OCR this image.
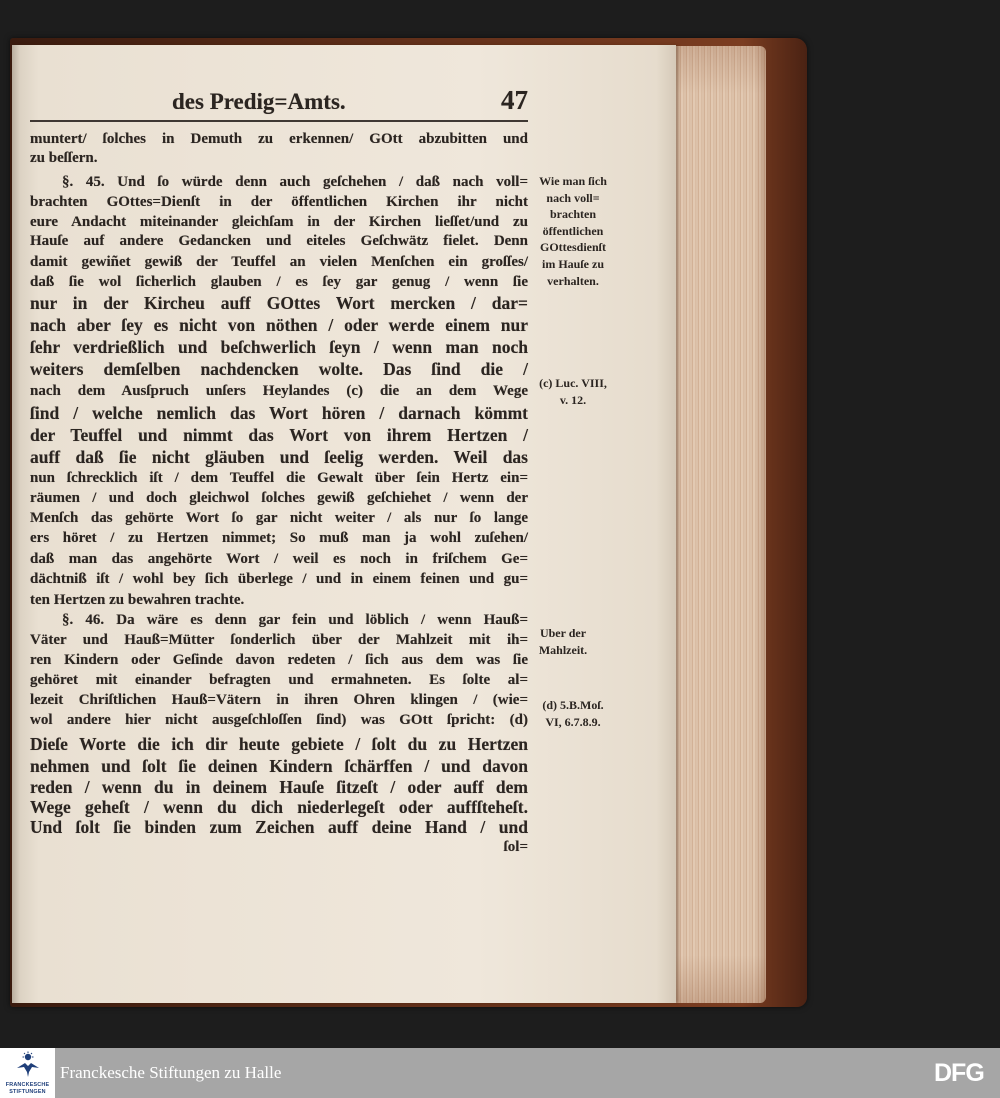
des Predig=Amts.	47
muntert/ ſolches in Demuth zu erkennen/ GOtt abzubitten und
zu beſſern.
§. 45. Und ſo würde denn auch geſchehen / daß nach voll=
brachten GOttes=Dienſt in der öffentlichen Kirchen ihr nicht
eure Andacht miteinander gleichſam in der Kirchen lieſſet/und zu
Hauſe auf andere Gedancken und eiteles Geſchwätz fielet. Denn
damit gewiñet gewiß der Teuffel an vielen Menſchen ein groſſes/
daß ſie wol ſicherlich glauben / es ſey gar genug / wenn ſie
nur in der Kircheu auff GOttes Wort mercken / dar=
nach aber ſey es nicht von nöthen / oder werde einem nur
ſehr verdrießlich und beſchwerlich ſeyn / wenn man noch
weiters demſelben nachdencken wolte. Das ſind die /
nach dem Ausſpruch unſers Heylandes (c) die an dem Wege
ſind / welche nemlich das Wort hören / darnach kömmt
der Teuffel und nimmt das Wort von ihrem Hertzen /
auff daß ſie nicht gläuben und ſeelig werden. Weil das
nun ſchrecklich iſt / dem Teuffel die Gewalt über ſein Hertz ein=
räumen / und doch gleichwol ſolches gewiß geſchiehet / wenn der
Menſch das gehörte Wort ſo gar nicht weiter / als nur ſo lange
ers höret / zu Hertzen nimmet; So muß man ja wohl zuſehen/
daß man das angehörte Wort / weil es noch in friſchem Ge=
dächtniß iſt / wohl bey ſich überlege / und in einem feinen und gu=
ten Hertzen zu bewahren trachte.
§. 46. Da wäre es denn gar fein und löblich / wenn Hauß=
Väter und Hauß=Mütter ſonderlich über der Mahlzeit mit ih=
ren Kindern oder Geſinde davon redeten / ſich aus dem was ſie
gehöret mit einander befragten und ermahneten. Es ſolte al=
lezeit Chriſtlichen Hauß=Vätern in ihren Ohren klingen / (wie=
wol andere hier nicht ausgeſchloſſen ſind) was GOtt ſpricht: (d)
Dieſe Worte die ich dir heute gebiete / ſolt du zu Hertzen
nehmen und ſolt ſie deinen Kindern ſchärffen / und davon
reden / wenn du in deinem Hauſe ſitzeſt / oder auff dem
Wege geheſt / wenn du dich niederlegeſt oder auffſteheſt.
Und ſolt ſie binden zum Zeichen auff deine Hand / und
ſol=
Wie man ſich
nach voll=
brachten
öffentlichen
GOttesdienſt
im Hauſe zu
verhalten.
(c) Luc. VIII,
v. 12.
Uber der
Mahlzeit.
(d) 5.B.Moſ.
VI, 6.7.8.9.
FRANCKESCHE
STIFTUNGEN
Franckesche Stiftungen zu Halle	DFG
